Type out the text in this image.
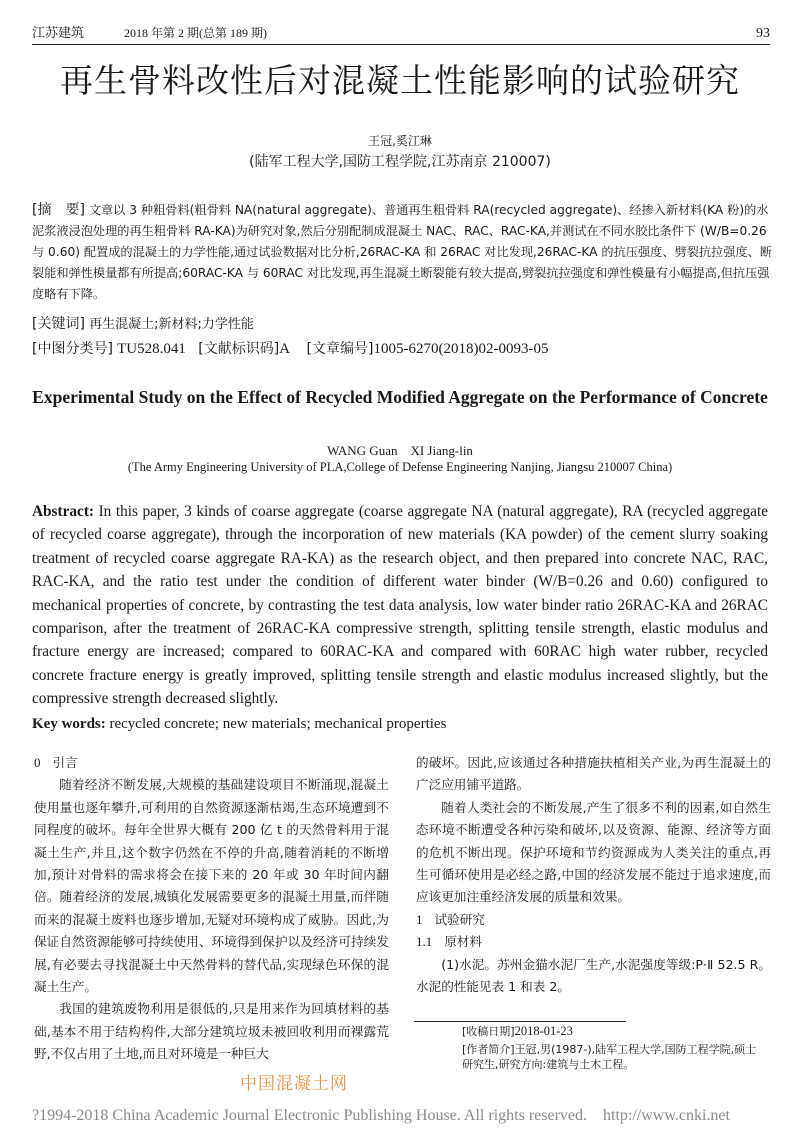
江苏建筑	2018 年第 2 期(总第 189 期)	93
再生骨料改性后对混凝土性能影响的试验研究
王冠,奚江琳
(陆军工程大学,国防工程学院,江苏南京 210007)
[摘　要] 文章以 3 种粗骨料(粗骨料 NA(natural aggregate)、普通再生粗骨料 RA(recycled aggregate)、经掺入新材料(KA 粉)的水泥浆液浸泡处理的再生粗骨料 RA-KA)为研究对象,然后分别配制成混凝土 NAC、RAC、RAC-KA,并测试在不同水胶比条件下 (W/B=0.26 与 0.60) 配置成的混凝土的力学性能,通过试验数据对比分析,26RAC-KA 和 26RAC 对比发现,26RAC-KA 的抗压强度、劈裂抗拉强度、断裂能和弹性模量都有所提高;60RAC-KA 与 60RAC 对比发现,再生混凝土断裂能有较大提高,劈裂抗拉强度和弹性模量有小幅提高,但抗压强度略有下降。
[关键词] 再生混凝土;新材料;力学性能
[中图分类号] TU528.041 [文献标识码]A [文章编号]1005-6270(2018)02-0093-05
Experimental Study on the Effect of Recycled Modified Aggregate on the Performance of Concrete
WANG Guan　XI Jiang-lin
(The Army Engineering University of PLA,College of Defense Engineering Nanjing, Jiangsu 210007 China)
Abstract: In this paper, 3 kinds of coarse aggregate (coarse aggregate NA (natural aggregate), RA (recycled aggregate of recycled coarse aggregate), through the incorporation of new materials (KA powder) of the cement slurry soaking treatment of recycled coarse aggregate RA-KA) as the research object, and then prepared into concrete NAC, RAC, RAC-KA, and the ratio test under the condition of different water binder (W/B=0.26 and 0.60) configured to mechanical properties of concrete, by contrasting the test data analysis, low water binder ratio 26RAC-KA and 26RAC comparison, after the treatment of 26RAC-KA compressive strength, splitting tensile strength, elastic modulus and fracture energy are increased; compared to 60RAC-KA and compared with 60RAC high water rubber, recycled concrete fracture energy is greatly improved, splitting tensile strength and elastic modulus increased slightly, but the compressive strength decreased slightly.
Key words: recycled concrete; new materials; mechanical properties

0 引言

随着经济不断发展,大规模的基础建设项目不断涌现,混凝土使用量也逐年攀升,可利用的自然资源逐渐枯竭,生态环境遭到不同程度的破坏。每年全世界大概有 200 亿 t 的天然骨料用于混凝土生产,并且,这个数字仍然在不停的升高,随着消耗的不断增加,预计对骨料的需求将会在接下来的 20 年或 30 年时间内翻倍。随着经济的发展,城镇化发展需要更多的混凝土用量,而伴随而来的混凝土废料也逐步增加,无疑对环境构成了威胁。因此,为保证自然资源能够可持续使用、环境得到保护以及经济可持续发展,有必要去寻找混凝土中天然骨料的替代品,实现绿色环保的混凝土生产。

我国的建筑废物利用是很低的,只是用来作为回填材料的基础,基本不用于结构构件,大部分建筑垃圾未被回收利用而裸露荒野,不仅占用了土地,而且对环境是一种巨大

的破坏。因此,应该通过各种措施扶植相关产业,为再生混凝土的广泛应用铺平道路。

随着人类社会的不断发展,产生了很多不利的因素,如自然生态环境不断遭受各种污染和破坏,以及资源、能源、经济等方面的危机不断出现。保护环境和节约资源成为人类关注的重点,再生可循环使用是必经之路,中国的经济发展不能过于追求速度,而应该更加注重经济发展的质量和效果。

1 试验研究

1.1 原材料

(1)水泥。苏州金猫水泥厂生产,水泥强度等级:P·Ⅱ 52.5 R。水泥的性能见表 1 和表 2。

[收稿日期]2018-01-23
[作者简介]王冠,男(1987-),陆军工程大学,国防工程学院,硕士研究生,研究方向:建筑与土木工程。
中国混凝土网
?1994-2018 China Academic Journal Electronic Publishing House. All rights reserved.　http://www.cnki.net
